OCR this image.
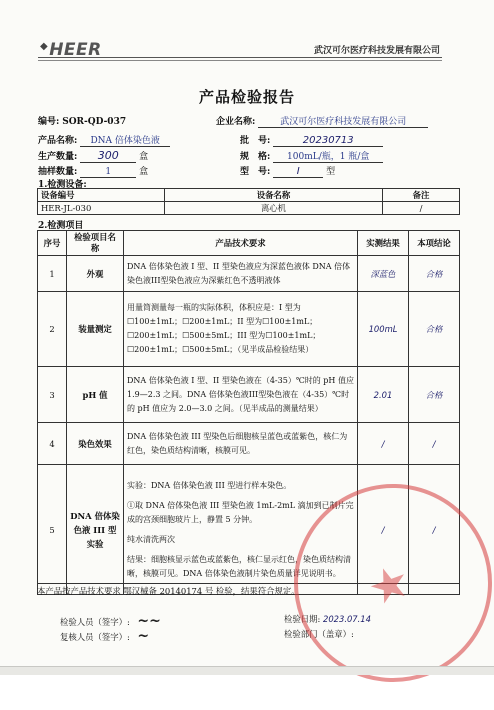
◆HEER	武汉可尔医疗科技发展有限公司
产品检验报告
编号: SOR-QD-037	企业名称:	武汉可尔医疗科技发展有限公司
产品名称: DNA 倍体染色液	批　号:	20230713
生产数量: 300 盒	规　格: 100mL/瓶，1 瓶/盒
抽样数量:	1	盒	型　号:	I	型
1.检测设备:
设备编号	设备名称	备注
HER-JL-030	离心机	/
2.检测项目
序号	检验项目名称	产品技术要求	实测结果	本项结论
1	外观	DNA 倍体染色液 I 型、II 型染色液应为深蓝色液体 DNA 倍体染色液III型染色液应为深紫红色不透明液体	深蓝色	合格
2	装量测定	用量筒测量每一瓶的实际体积，体积应是：I 型为☐100±1mL；☐200±1mL；II 型为☐100±1mL；☐200±1mL；☐500±5mL；III 型为☐100±1mL；☐200±1mL；☐500±5mL；（见半成品检验结果）	100mL	合格
3	pH 值	DNA 倍体染色液 I 型、II 型染色液在（4-35）℃时的 pH 值应 1.9—2.3 之间。DNA 倍体染色液III型染色液在（4-35）℃时的 pH 值应为 2.0—3.0 之间。（见半成品的测量结果）	2.01	合格
4	染色效果	DNA 倍体染色液 III 型染色后细胞核呈蓝色或蓝紫色，核仁为红色，染色质结构清晰，核膜可见。	/	/
5	DNA 倍体染色液 III 型实验	实验：DNA 倍体染色液 III 型进行样本染色。
①取 DNA 倍体染色液 III 型染色液 1mL-2mL 滴加到已制片完成的宫颈细胞玻片上，静置 5 分钟。
纯水清洗两次
结果：细胞核显示蓝色或蓝紫色，核仁显示红色，染色质结构清晰，核膜可见。DNA 倍体染色液制片染色质量详见说明书。	/	/
本产品按产品技术要求 鄂汉械备 20140174 号 检验，结果符合规定。
检验人员（签字）:  ~~
复核人员（签字）:  ~
检验日期: 2023.07.14
检验部门（盖章）:
★
